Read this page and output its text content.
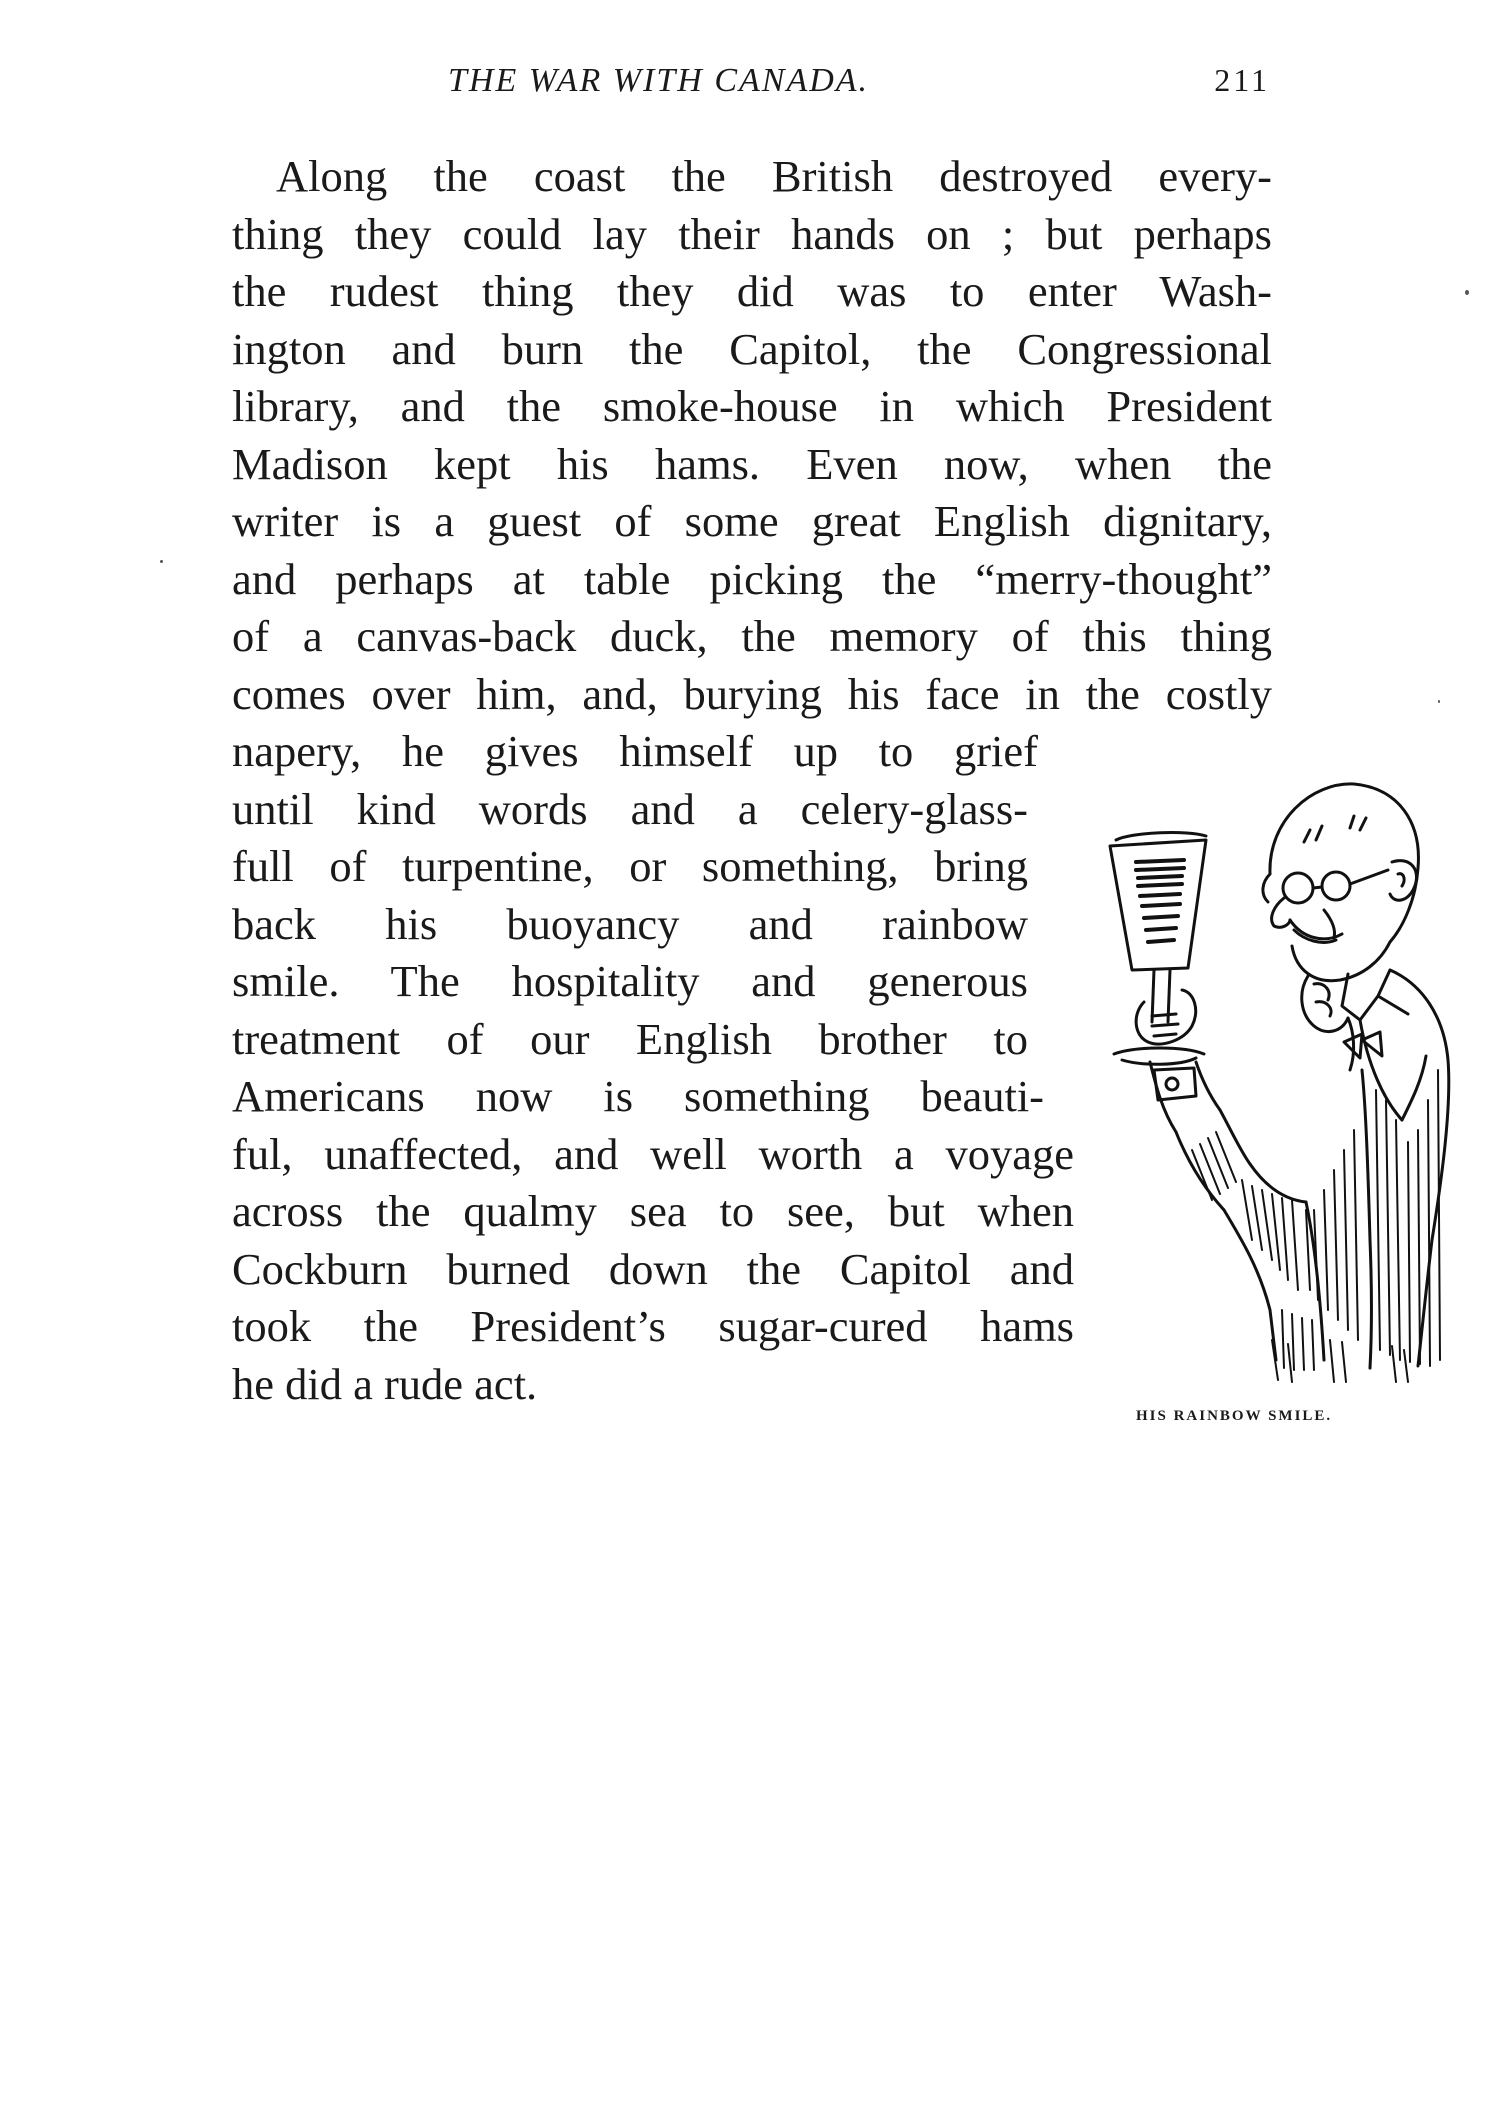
THE WAR WITH CANADA.	211
Along the coast the British destroyed every-
thing they could lay their hands on ; but perhaps
the rudest thing they did was to enter Wash-
ington and burn the Capitol, the Congressional
library, and the smoke-house in which President
Madison kept his hams. Even now, when the
writer is a guest of some great English dignitary,
and perhaps at table picking the “merry-thought”
of a canvas-back duck, the memory of this thing
comes over him, and, burying his face in the costly
napery, he gives himself up to grief
until kind words and a celery-glass-
full of turpentine, or something, bring
back his buoyancy and rainbow
smile. The hospitality and generous
treatment of our English brother to
Americans now is something beauti-
ful, unaffected, and well worth a voyage
across the qualmy sea to see, but when
Cockburn burned down the Capitol and
took the President’s sugar-cured hams
he did a rude act.
HIS RAINBOW SMILE.
